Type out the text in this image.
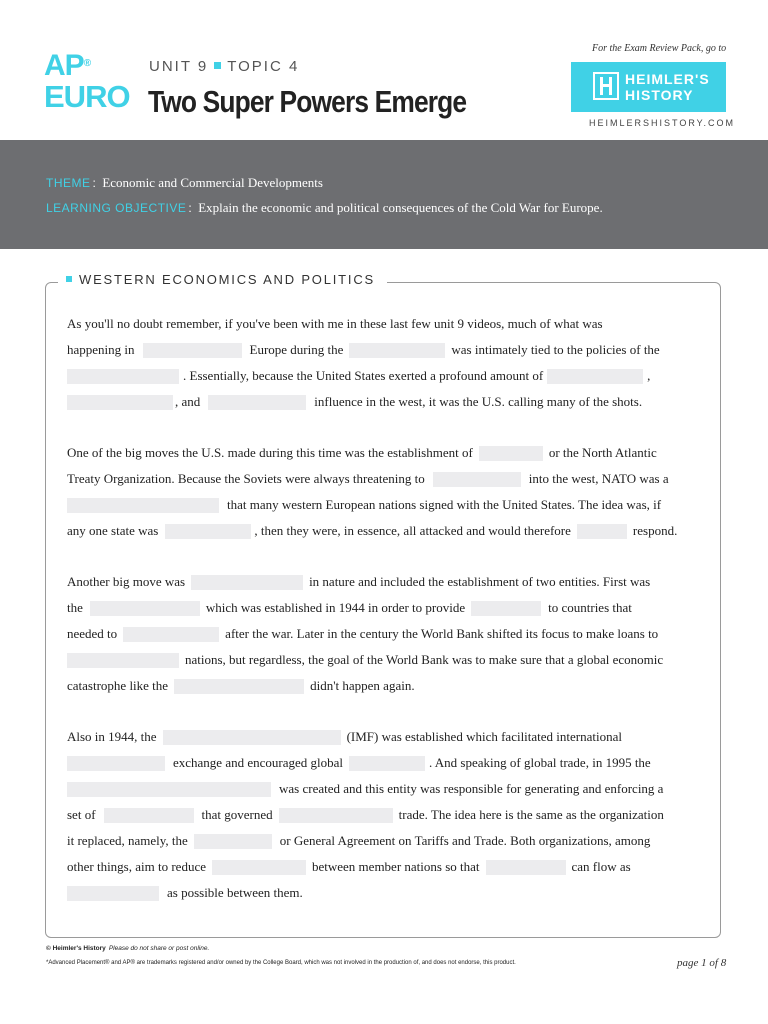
AP®
EURO
UNIT 9 TOPIC 4
Two Super Powers Emerge
For the Exam Review Pack, go to
HEIMLER'S
HISTORY
HEIMLERSHISTORY.COM
THEME : Economic and Commercial Developments
LEARNING OBJECTIVE : Explain the economic and political consequences of the Cold War for Europe.
WESTERN ECONOMICS AND POLITICS
As you'll no doubt remember, if you've been with me in these last few unit 9 videos, much of what was
happening in	Europe during the	was intimately tied to the policies of the
. Essentially, because the United States exerted a profound amount of	,
, and	influence in the west, it was the U.S. calling many of the shots.
One of the big moves the U.S. made during this time was the establishment of	or the North Atlantic
Treaty Organization. Because the Soviets were always threatening to	into the west, NATO was a
that many western European nations signed with the United States. The idea was, if
any one state was	, then they were, in essence, all attacked and would therefore	respond.
Another big move was	in nature and included the establishment of two entities. First was
the	which was established in 1944 in order to provide	to countries that
needed to	after the war. Later in the century the World Bank shifted its focus to make loans to
nations, but regardless, the goal of the World Bank was to make sure that a global economic
catastrophe like the	didn't happen again.
Also in 1944, the	(IMF) was established which facilitated international
exchange and encouraged global	. And speaking of global trade, in 1995 the
was created and this entity was responsible for generating and enforcing a
set of	that governed	trade. The idea here is the same as the organization
it replaced, namely, the	or General Agreement on Tariffs and Trade. Both organizations, among
other things, aim to reduce	between member nations so that	can flow as
as possible between them.
© Heimler's History Please do not share or post online.
*Advanced Placement® and AP® are trademarks registered and/or owned by the College Board, which was not involved in the production of, and does not endorse, this product.	page 1 of 8
